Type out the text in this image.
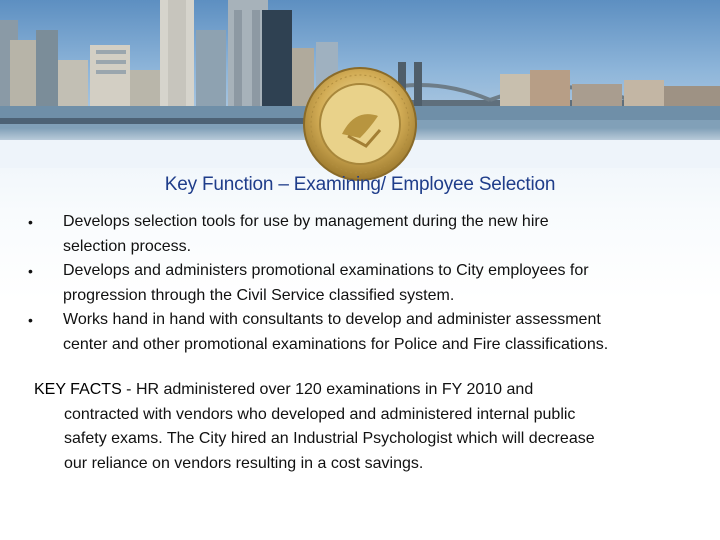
Key Function – Examining/ Employee Selection
•	Develops selection tools for use by management during the new hire
selection process.
•	Develops and administers promotional examinations to City employees for
progression through the Civil Service classified system.
•	Works hand in hand with consultants to develop and administer assessment
center and other promotional examinations for Police and Fire classifications.
KEY FACTS - HR administered over 120 examinations in FY 2010 and
contracted with vendors who developed and administered internal public
safety exams. The City hired an Industrial Psychologist which will decrease
our reliance on vendors resulting in a cost savings.
